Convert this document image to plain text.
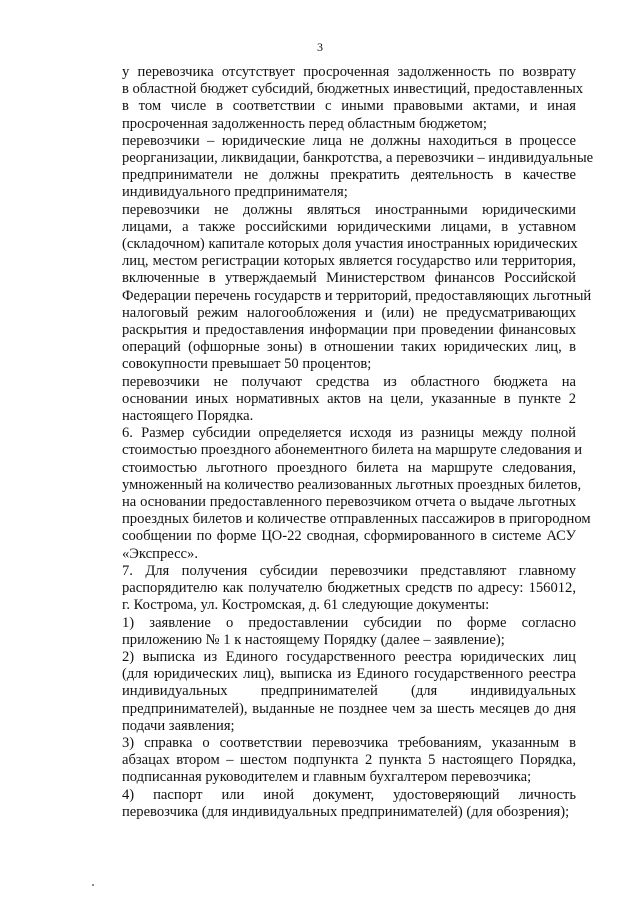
3

у перевозчика отсутствует просроченная задолженность по возврату
в областной бюджет субсидий, бюджетных инвестиций, предоставленных
в том числе в соответствии с иными правовыми актами, и иная
просроченная задолженность перед областным бюджетом;

перевозчики – юридические лица не должны находиться в процессе
реорганизации, ликвидации, банкротства, а перевозчики – индивидуальные
предприниматели не должны прекратить деятельность в качестве
индивидуального предпринимателя;

перевозчики не должны являться иностранными юридическими
лицами, а также российскими юридическими лицами, в уставном
(складочном) капитале которых доля участия иностранных юридических
лиц, местом регистрации которых является государство или территория,
включенные в утверждаемый Министерством финансов Российской
Федерации перечень государств и территорий, предоставляющих льготный
налоговый режим налогообложения и (или) не предусматривающих
раскрытия и предоставления информации при проведении финансовых
операций (офшорные зоны) в отношении таких юридических лиц, в
совокупности превышает 50 процентов;

перевозчики не получают средства из областного бюджета на
основании иных нормативных актов на цели, указанные в пункте 2
настоящего Порядка.

6. Размер субсидии определяется исходя из разницы между полной
стоимостью проездного абонементного билета на маршруте следования и
стоимостью льготного проездного билета на маршруте следования,
умноженный на количество реализованных льготных проездных билетов,
на основании предоставленного перевозчиком отчета о выдаче льготных
проездных билетов и количестве отправленных пассажиров в пригородном
сообщении по форме ЦО-22 сводная, сформированного в системе АСУ
«Экспресс».

7. Для получения субсидии перевозчики представляют главному
распорядителю как получателю бюджетных средств по адресу: 156012,
г. Кострома, ул. Костромская, д. 61 следующие документы:

1) заявление о предоставлении субсидии по форме согласно
приложению № 1 к настоящему Порядку (далее – заявление);

2) выписка из Единого государственного реестра юридических лиц
(для юридических лиц), выписка из Единого государственного реестра
индивидуальных предпринимателей (для индивидуальных
предпринимателей), выданные не позднее чем за шесть месяцев до дня
подачи заявления;

3) справка о соответствии перевозчика требованиям, указанным в
абзацах втором – шестом подпункта 2 пункта 5 настоящего Порядка,
подписанная руководителем и главным бухгалтером перевозчика;

4) паспорт или иной документ, удостоверяющий личность
перевозчика (для индивидуальных предпринимателей) (для обозрения);
